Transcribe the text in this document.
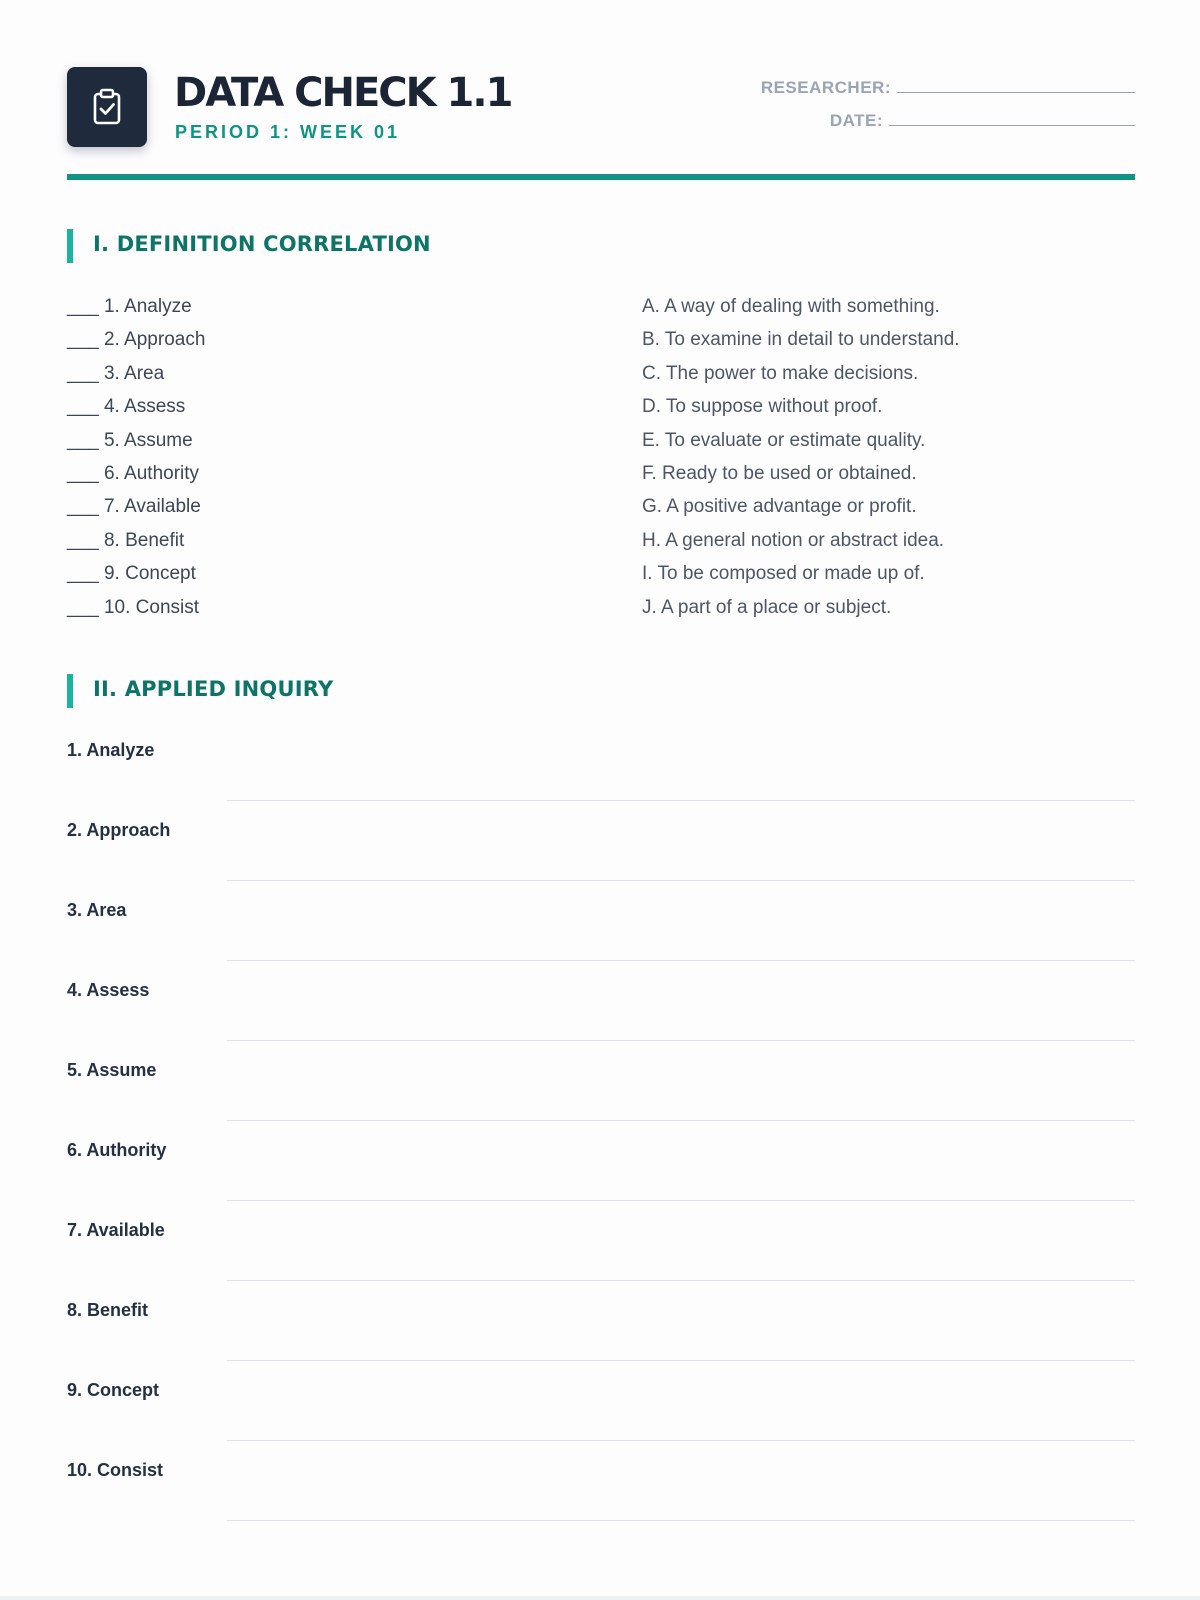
DATA CHECK 1.1
PERIOD 1: WEEK 01
RESEARCHER:
DATE:
I. DEFINITION CORRELATION
___ 1. Analyze
___ 2. Approach
___ 3. Area
___ 4. Assess
___ 5. Assume
___ 6. Authority
___ 7. Available
___ 8. Benefit
___ 9. Concept
___ 10. Consist
A. A way of dealing with something.
B. To examine in detail to understand.
C. The power to make decisions.
D. To suppose without proof.
E. To evaluate or estimate quality.
F. Ready to be used or obtained.
G. A positive advantage or profit.
H. A general notion or abstract idea.
I. To be composed or made up of.
J. A part of a place or subject.
II. APPLIED INQUIRY
1. Analyze
2. Approach
3. Area
4. Assess
5. Assume
6. Authority
7. Available
8. Benefit
9. Concept
10. Consist
